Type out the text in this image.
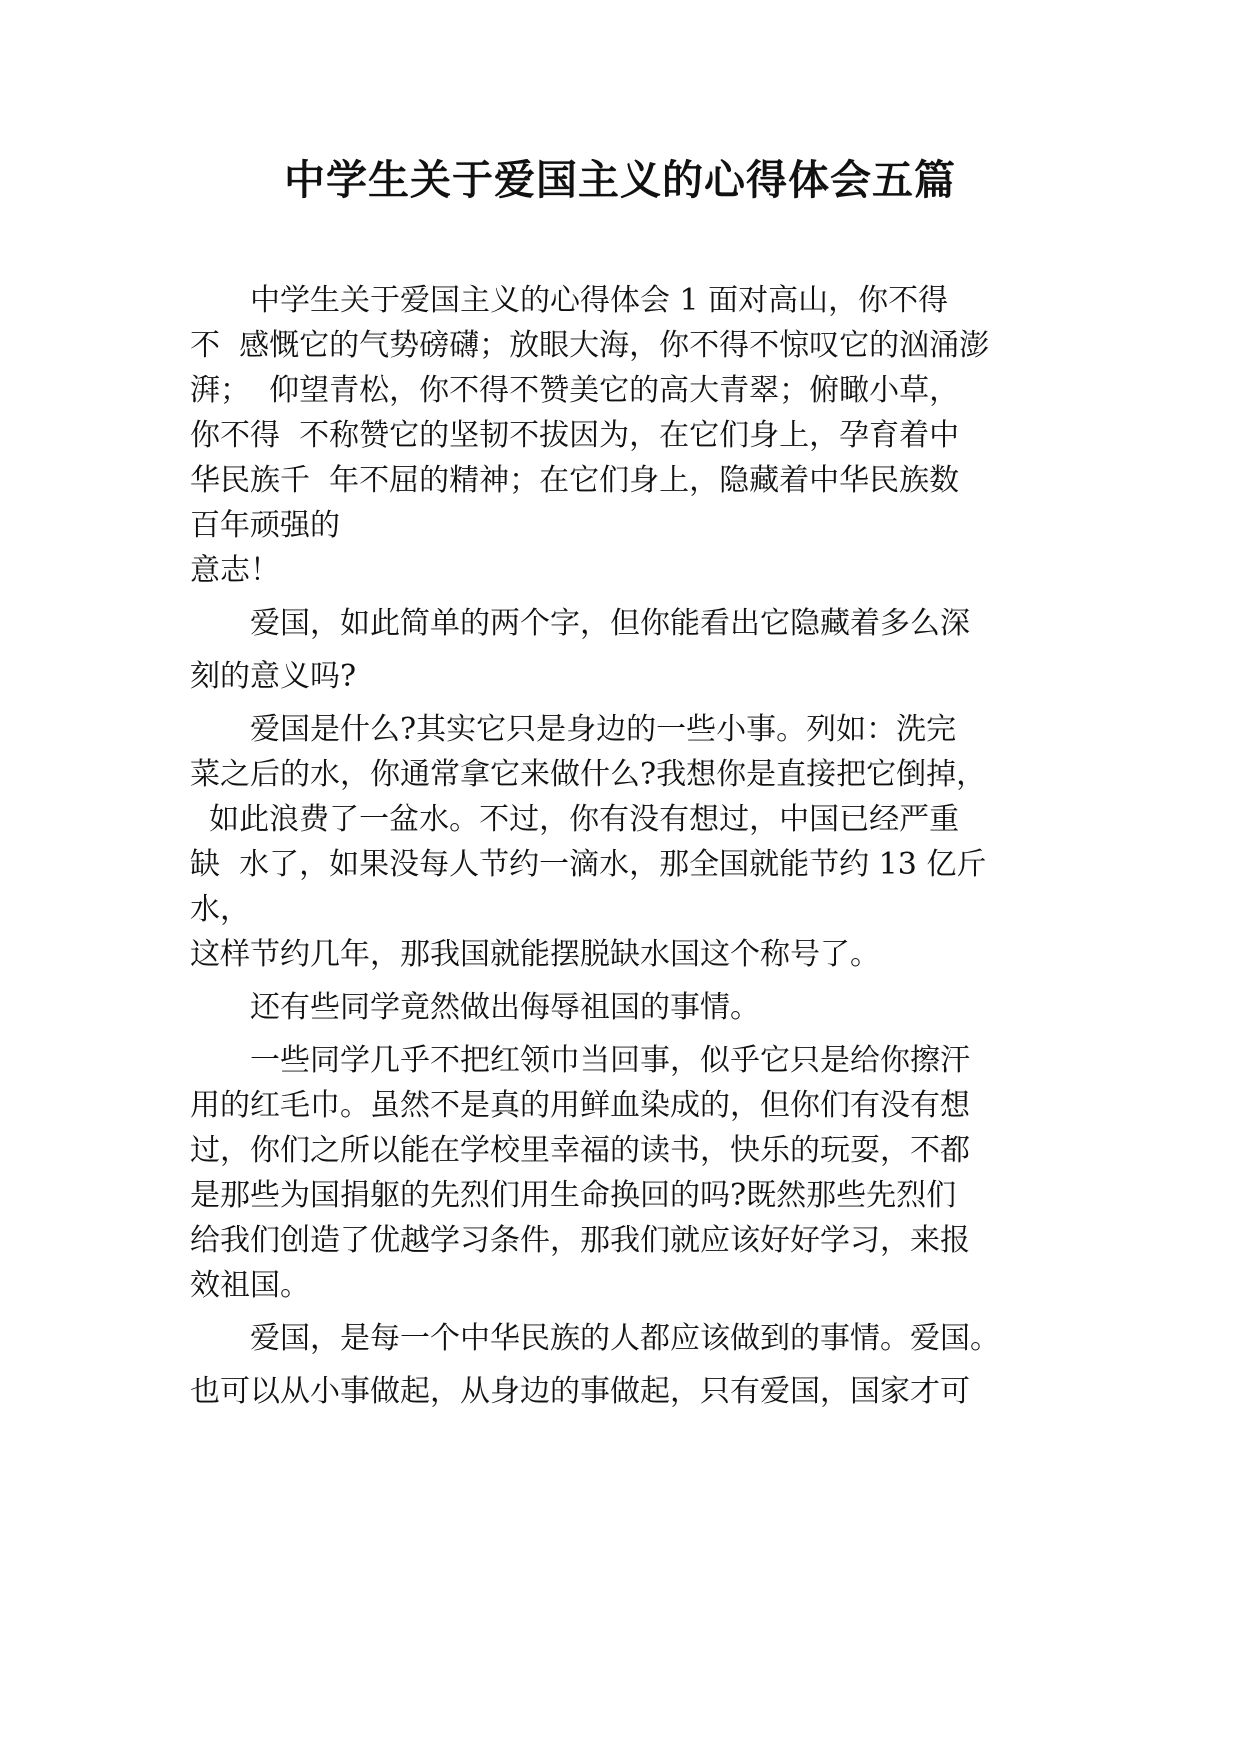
中学生关于爱国主义的心得体会五篇
　　中学生关于爱国主义的心得体会 1 面对高山，你不得
不  感慨它的气势磅礴；放眼大海，你不得不惊叹它的汹涌澎
湃；  仰望青松，你不得不赞美它的高大青翠；俯瞰小草，
你不得  不称赞它的坚韧不拔因为，在它们身上，孕育着中
华民族千  年不屈的精神；在它们身上，隐藏着中华民族数
百年顽强的
意志！
　　爱国，如此简单的两个字，但你能看出它隐藏着多么深
刻的意义吗?
　　爱国是什么?其实它只是身边的一些小事。列如：洗完
菜之后的水，你通常拿它来做什么?我想你是直接把它倒掉，
如此浪费了一盆水。不过，你有没有想过，中国已经严重
缺  水了，如果没每人节约一滴水，那全国就能节约 13 亿斤
水，
这样节约几年，那我国就能摆脱缺水国这个称号了。
　　还有些同学竟然做出侮辱祖国的事情。
　　一些同学几乎不把红领巾当回事，似乎它只是给你擦汗
用的红毛巾。虽然不是真的用鲜血染成的，但你们有没有想
过，你们之所以能在学校里幸福的读书，快乐的玩耍，不都
是那些为国捐躯的先烈们用生命换回的吗?既然那些先烈们
给我们创造了优越学习条件，那我们就应该好好学习，来报
效祖国。
　　爱国，是每一个中华民族的人都应该做到的事情。爱国。
也可以从小事做起，从身边的事做起，只有爱国，国家才可
